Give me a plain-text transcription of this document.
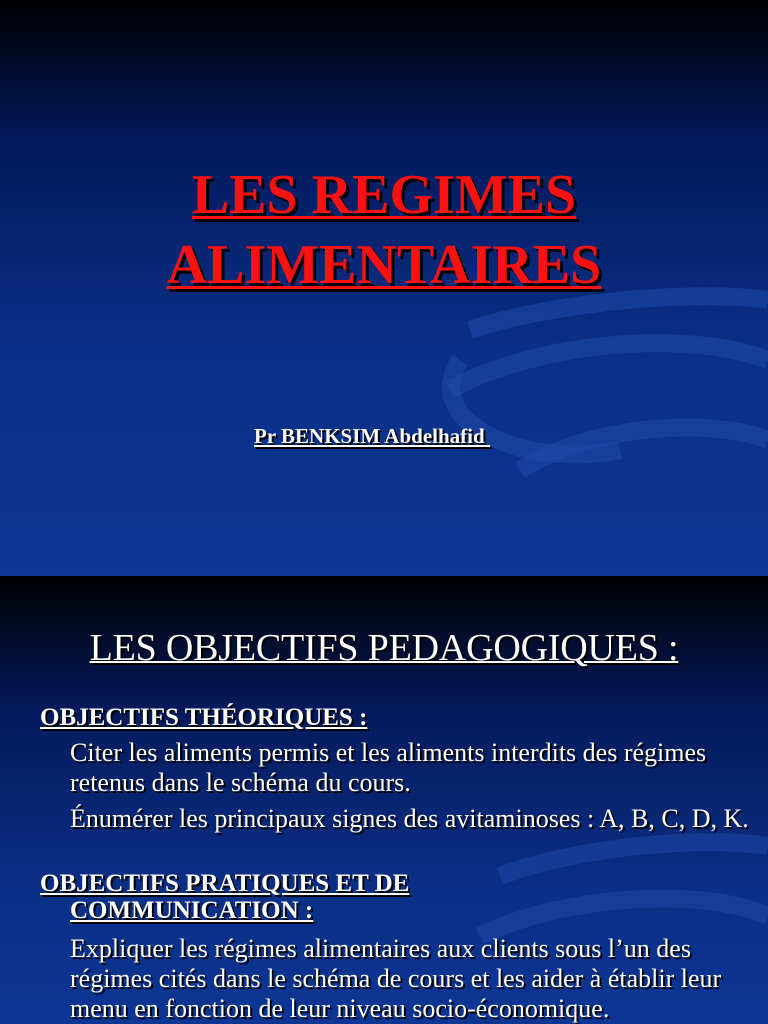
LES REGIMES
ALIMENTAIRES
Pr BENKSIM Abdelhafid
LES OBJECTIFS PEDAGOGIQUES :
OBJECTIFS THÉORIQUES :
Citer les aliments permis et les aliments interdits des régimes retenus dans le schéma du cours.
Énumérer les principaux signes des avitaminoses : A, B, C, D, K.
OBJECTIFS PRATIQUES ET DE
COMMUNICATION :
Expliquer les régimes alimentaires aux clients sous l’un des régimes cités dans le schéma de cours et les aider à établir leur menu en fonction de leur niveau socio-économique.
